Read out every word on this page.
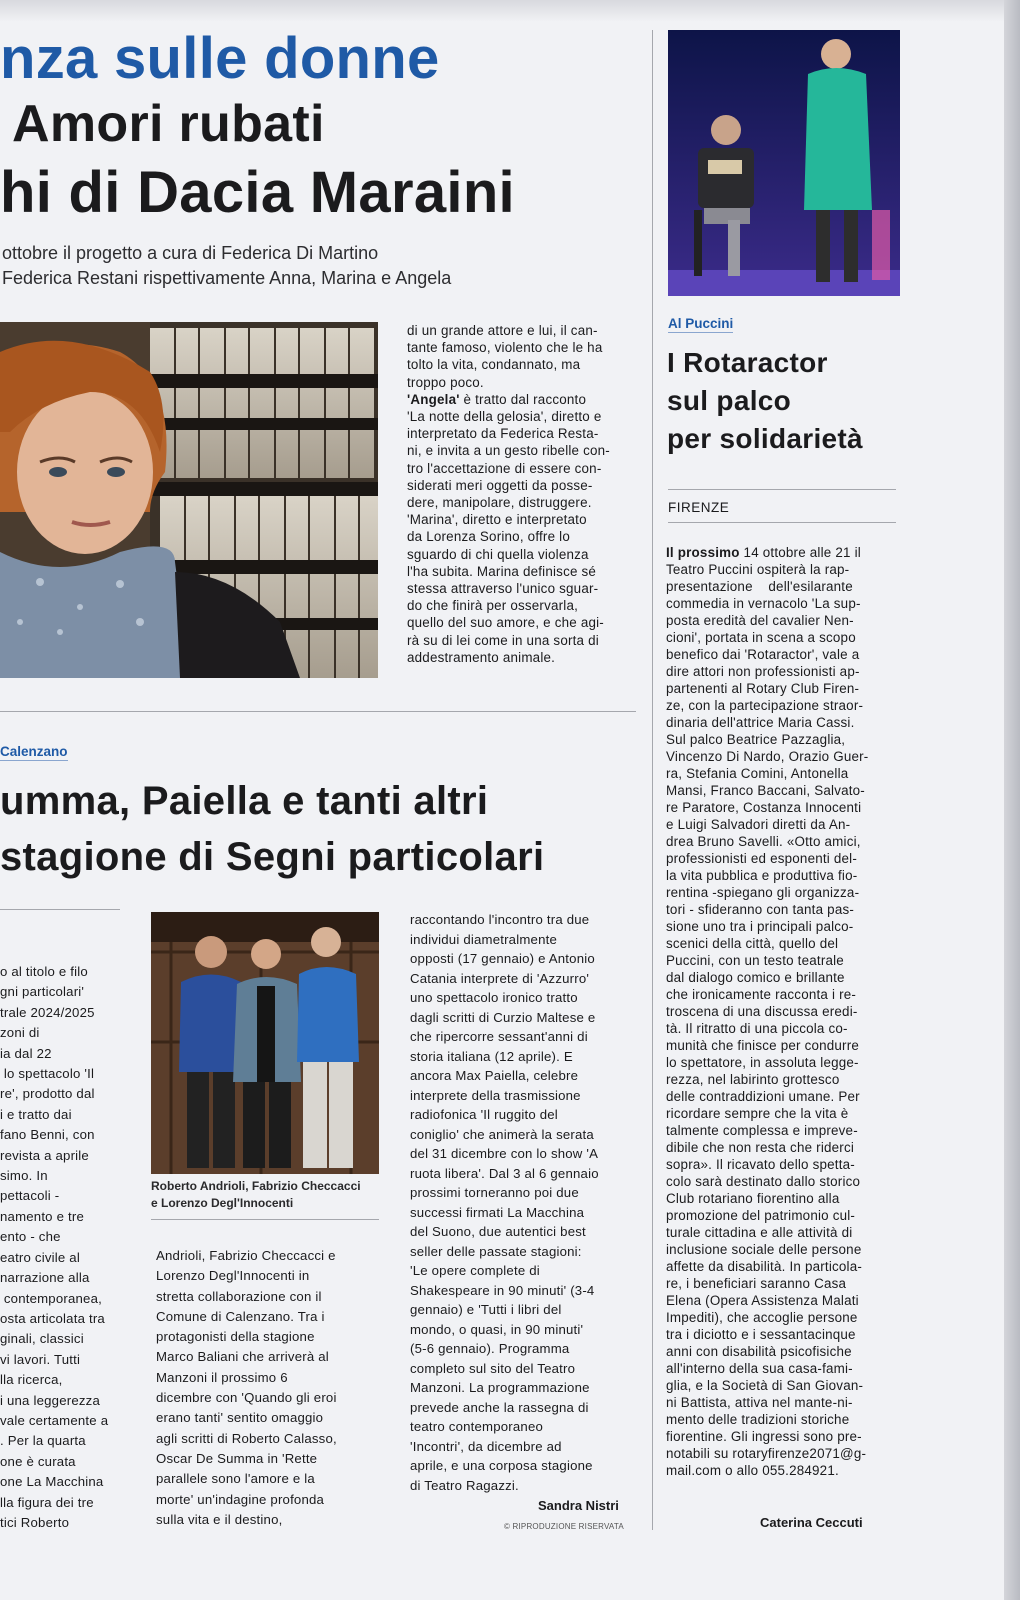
nza sulle donne
Amori rubati
hi di Dacia Maraini
ottobre il progetto a cura di Federica Di Martino
Federica Restani rispettivamente Anna, Marina e Angela
di un grande attore e lui, il can-
tante famoso, violento che le ha
tolto la vita, condannato, ma
troppo poco.
'Angela' è tratto dal racconto
'La notte della gelosia', diretto e
interpretato da Federica Resta-
ni, e invita a un gesto ribelle con-
tro l'accettazione di essere con-
siderati meri oggetti da posse-
dere, manipolare, distruggere.
'Marina', diretto e interpretato
da Lorenza Sorino, offre lo
sguardo di chi quella violenza
l'ha subita. Marina definisce sé
stessa attraverso l'unico sguar-
do che finirà per osservarla,
quello del suo amore, e che agi-
rà su di lei come in una sorta di
addestramento animale.
Calenzano
umma, Paiella e tanti altri
stagione di Segni particolari
o al titolo e filo
gni particolari'
trale 2024/2025
zoni di
ia dal 22
lo spettacolo 'Il
re', prodotto dal
i e tratto dai
fano Benni, con
revista a aprile
simo. In
pettacoli -
namento e tre
ento - che
eatro civile al
narrazione alla
contemporanea,
osta articolata tra
ginali, classici
vi lavori. Tutti
lla ricerca,
i una leggerezza
vale certamente a
. Per la quarta
one è curata
one La Macchina
lla figura dei tre
tici Roberto
Roberto Andrioli, Fabrizio Checcacci
e Lorenzo Degl'Innocenti
Andrioli, Fabrizio Checcacci e
Lorenzo Degl'Innocenti in
stretta collaborazione con il
Comune di Calenzano. Tra i
protagonisti della stagione
Marco Baliani che arriverà al
Manzoni il prossimo 6
dicembre con 'Quando gli eroi
erano tanti' sentito omaggio
agli scritti di Roberto Calasso,
Oscar De Summa in 'Rette
parallele sono l'amore e la
morte' un'indagine profonda
sulla vita e il destino,
raccontando l'incontro tra due
individui diametralmente
opposti (17 gennaio) e Antonio
Catania interprete di 'Azzurro'
uno spettacolo ironico tratto
dagli scritti di Curzio Maltese e
che ripercorre sessant'anni di
storia italiana (12 aprile). E
ancora Max Paiella, celebre
interprete della trasmissione
radiofonica 'Il ruggito del
coniglio' che animerà la serata
del 31 dicembre con lo show 'A
ruota libera'. Dal 3 al 6 gennaio
prossimi torneranno poi due
successi firmati La Macchina
del Suono, due autentici best
seller delle passate stagioni:
'Le opere complete di
Shakespeare in 90 minuti' (3-4
gennaio) e 'Tutti i libri del
mondo, o quasi, in 90 minuti'
(5-6 gennaio). Programma
completo sul sito del Teatro
Manzoni. La programmazione
prevede anche la rassegna di
teatro contemporaneo
'Incontri', da dicembre ad
aprile, e una corposa stagione
di Teatro Ragazzi.
Sandra Nistri
© RIPRODUZIONE RISERVATA
Al Puccini
I Rotaractor
sul palco
per solidarietà
FIRENZE
Il prossimo 14 ottobre alle 21 il
Teatro Puccini ospiterà la rap-
presentazione    dell'esilarante
commedia in vernacolo 'La sup-
posta eredità del cavalier Nen-
cioni', portata in scena a scopo
benefico dai 'Rotaractor', vale a
dire attori non professionisti ap-
partenenti al Rotary Club Firen-
ze, con la partecipazione straor-
dinaria dell'attrice Maria Cassi.
Sul palco Beatrice Pazzaglia,
Vincenzo Di Nardo, Orazio Guer-
ra, Stefania Comini, Antonella
Mansi, Franco Baccani, Salvato-
re Paratore, Costanza Innocenti
e Luigi Salvadori diretti da An-
drea Bruno Savelli. «Otto amici,
professionisti ed esponenti del-
la vita pubblica e produttiva fio-
rentina -spiegano gli organizza-
tori - sfideranno con tanta pas-
sione uno tra i principali palco-
scenici della città, quello del
Puccini, con un testo teatrale
dal dialogo comico e brillante
che ironicamente racconta i re-
troscena di una discussa eredi-
tà. Il ritratto di una piccola co-
munità che finisce per condurre
lo spettatore, in assoluta legge-
rezza, nel labirinto grottesco
delle contraddizioni umane. Per
ricordare sempre che la vita è
talmente complessa e impreve-
dibile che non resta che riderci
sopra». Il ricavato dello spetta-
colo sarà destinato dallo storico
Club rotariano fiorentino alla
promozione del patrimonio cul-
turale cittadina e alle attività di
inclusione sociale delle persone
affette da disabilità. In particola-
re, i beneficiari saranno Casa
Elena (Opera Assistenza Malati
Impediti), che accoglie persone
tra i diciotto e i sessantacinque
anni con disabilità psicofisiche
all'interno della sua casa-fami-
glia, e la Società di San Giovan-
ni Battista, attiva nel mante-ni-
mento delle tradizioni storiche
fiorentine. Gli ingressi sono pre-
notabili su rotaryfirenze2071@g-
mail.com o allo 055.284921.
Caterina Ceccuti
